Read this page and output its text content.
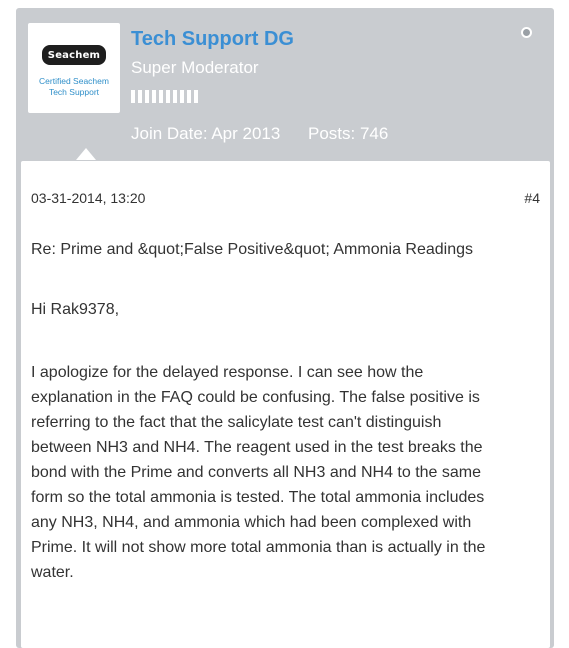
Seachem
Certified Seachem
Tech Support
Tech Support DG
Super Moderator
Join Date: Apr 2013 Posts: 746
03-31-2014, 13:20	#4
Re: Prime and &quot;False Positive&quot; Ammonia Readings
Hi Rak9378,
I apologize for the delayed response. I can see how the
explanation in the FAQ could be confusing. The false positive is
referring to the fact that the salicylate test can't distinguish
between NH3 and NH4. The reagent used in the test breaks the
bond with the Prime and converts all NH3 and NH4 to the same
form so the total ammonia is tested. The total ammonia includes
any NH3, NH4, and ammonia which had been complexed with
Prime. It will not show more total ammonia than is actually in the
water.
